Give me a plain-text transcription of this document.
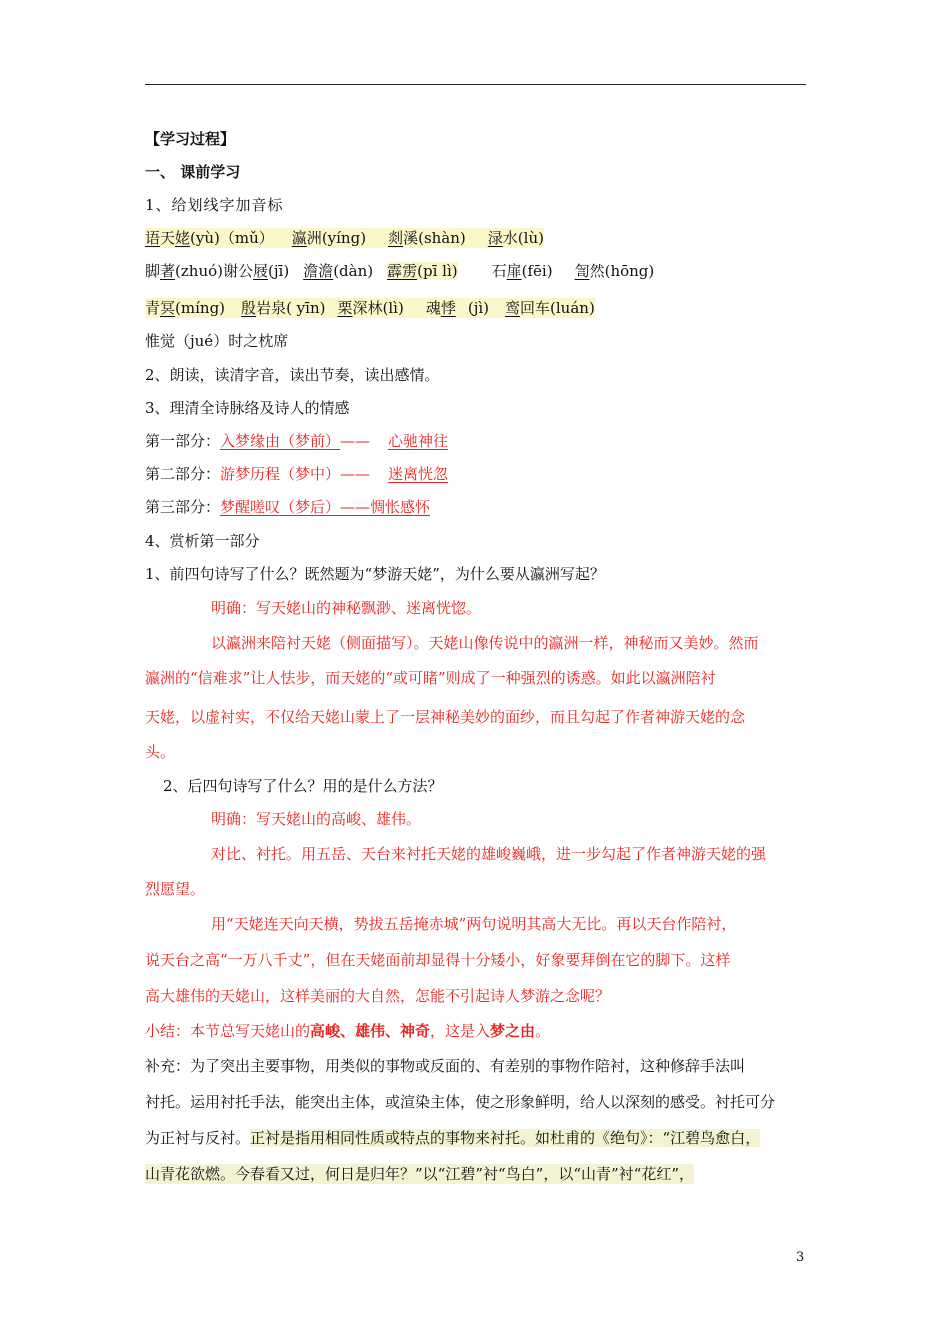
【学习过程】
一、 课前学习
1、给划线字加音标
语天姥(yù)（mǔ） 瀛洲(yíng) 剡溪(shàn) 渌水(lù)
脚著(zhuó)谢公屐(jī) 澹澹(dàn) 霹雳(pī lì) 石扉(fēi) 訇然(hōng)
青冥(míng) 殷岩泉( yīn) 栗深林(lì) 魂悸 (jì) 鸾回车(luán)
惟觉（jué）时之枕席
2、朗读，读清字音，读出节奏，读出感情。
3、理清全诗脉络及诗人的情感
第一部分：入梦缘由（梦前）—— 心驰神往
第二部分：游梦历程（梦中）—— 迷离恍忽
第三部分：梦醒嗟叹（梦后）——惆怅感怀
4、赏析第一部分
1、前四句诗写了什么？既然题为“梦游天姥”，为什么要从瀛洲写起？
明确：写天姥山的神秘飘渺、迷离恍惚。
以瀛洲来陪衬天姥（侧面描写）。天姥山像传说中的瀛洲一样，神秘而又美妙。然而
瀛洲的“信难求”让人怯步，而天姥的“或可睹”则成了一种强烈的诱惑。如此以瀛洲陪衬
天姥，以虚衬实，不仅给天姥山蒙上了一层神秘美妙的面纱，而且勾起了作者神游天姥的念
头。
2、后四句诗写了什么？用的是什么方法？
明确：写天姥山的高峻、雄伟。
对比、衬托。用五岳、天台来衬托天姥的雄峻巍峨，进一步勾起了作者神游天姥的强
烈愿望。
用“天姥连天向天横，势拔五岳掩赤城”两句说明其高大无比。再以天台作陪衬，
说天台之高“一万八千丈”，但在天姥面前却显得十分矮小，好象要拜倒在它的脚下。这样
高大雄伟的天姥山，这样美丽的大自然，怎能不引起诗人梦游之念呢？
小结：本节总写天姥山的高峻、雄伟、神奇，这是入梦之由。
补充：为了突出主要事物，用类似的事物或反面的、有差别的事物作陪衬，这种修辞手法叫
衬托。运用衬托手法，能突出主体，或渲染主体，使之形象鲜明，给人以深刻的感受。衬托可分
为正衬与反衬。正衬是指用相同性质或特点的事物来衬托。如杜甫的《绝句》：“江碧鸟愈白，
山青花欲燃。今春看又过，何日是归年？”以“江碧”衬“鸟白”，以“山青”衬“花红”，
3
